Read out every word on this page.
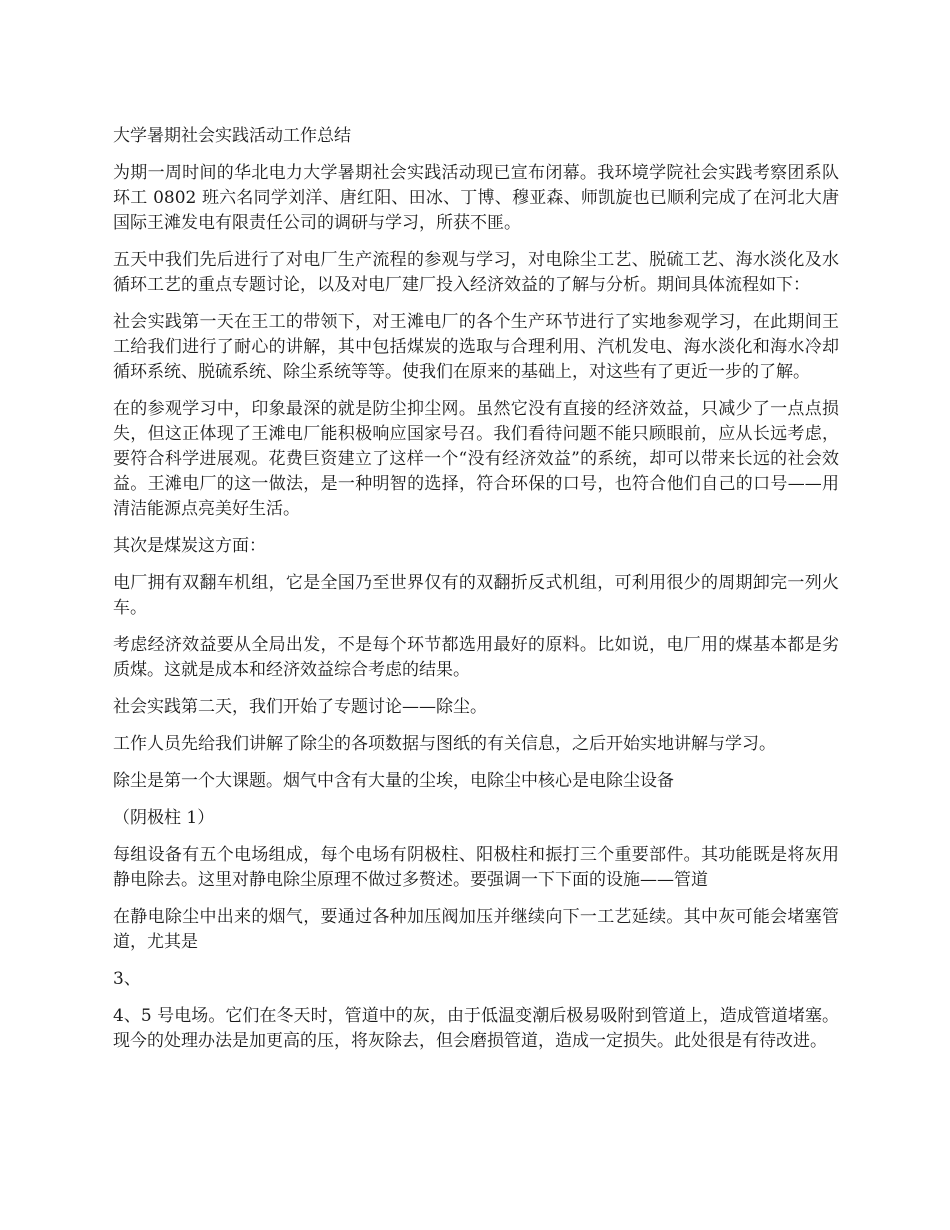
大学暑期社会实践活动工作总结

为期一周时间的华北电力大学暑期社会实践活动现已宣布闭幕。我环境学院社会实践考察团系队环工 0802 班六名同学刘洋、唐红阳、田冰、丁博、穆亚森、师凯旋也已顺利完成了在河北大唐国际王滩发电有限责任公司的调研与学习，所获不匪。

五天中我们先后进行了对电厂生产流程的参观与学习，对电除尘工艺、脱硫工艺、海水淡化及水循环工艺的重点专题讨论，以及对电厂建厂投入经济效益的了解与分析。期间具体流程如下：

社会实践第一天在王工的带领下，对王滩电厂的各个生产环节进行了实地参观学习，在此期间王工给我们进行了耐心的讲解，其中包括煤炭的选取与合理利用、汽机发电、海水淡化和海水冷却循环系统、脱硫系统、除尘系统等等。使我们在原来的基础上，对这些有了更近一步的了解。

在的参观学习中，印象最深的就是防尘抑尘网。虽然它没有直接的经济效益，只减少了一点点损失，但这正体现了王滩电厂能积极响应国家号召。我们看待问题不能只顾眼前，应从长远考虑，要符合科学进展观。花费巨资建立了这样一个“没有经济效益”的系统，却可以带来长远的社会效益。王滩电厂的这一做法，是一种明智的选择，符合环保的口号，也符合他们自己的口号——用清洁能源点亮美好生活。

其次是煤炭这方面：

电厂拥有双翻车机组，它是全国乃至世界仅有的双翻折反式机组，可利用很少的周期卸完一列火车。

考虑经济效益要从全局出发，不是每个环节都选用最好的原料。比如说，电厂用的煤基本都是劣质煤。这就是成本和经济效益综合考虑的结果。

社会实践第二天，我们开始了专题讨论——除尘。

工作人员先给我们讲解了除尘的各项数据与图纸的有关信息，之后开始实地讲解与学习。

除尘是第一个大课题。烟气中含有大量的尘埃，电除尘中核心是电除尘设备

（阴极柱 1）

每组设备有五个电场组成，每个电场有阴极柱、阳极柱和振打三个重要部件。其功能既是将灰用静电除去。这里对静电除尘原理不做过多赘述。要强调一下下面的设施——管道

在静电除尘中出来的烟气，要通过各种加压阀加压并继续向下一工艺延续。其中灰可能会堵塞管道，尤其是

3、

4、5 号电场。它们在冬天时，管道中的灰，由于低温变潮后极易吸附到管道上，造成管道堵塞。现今的处理办法是加更高的压，将灰除去，但会磨损管道，造成一定损失。此处很是有待改进。
